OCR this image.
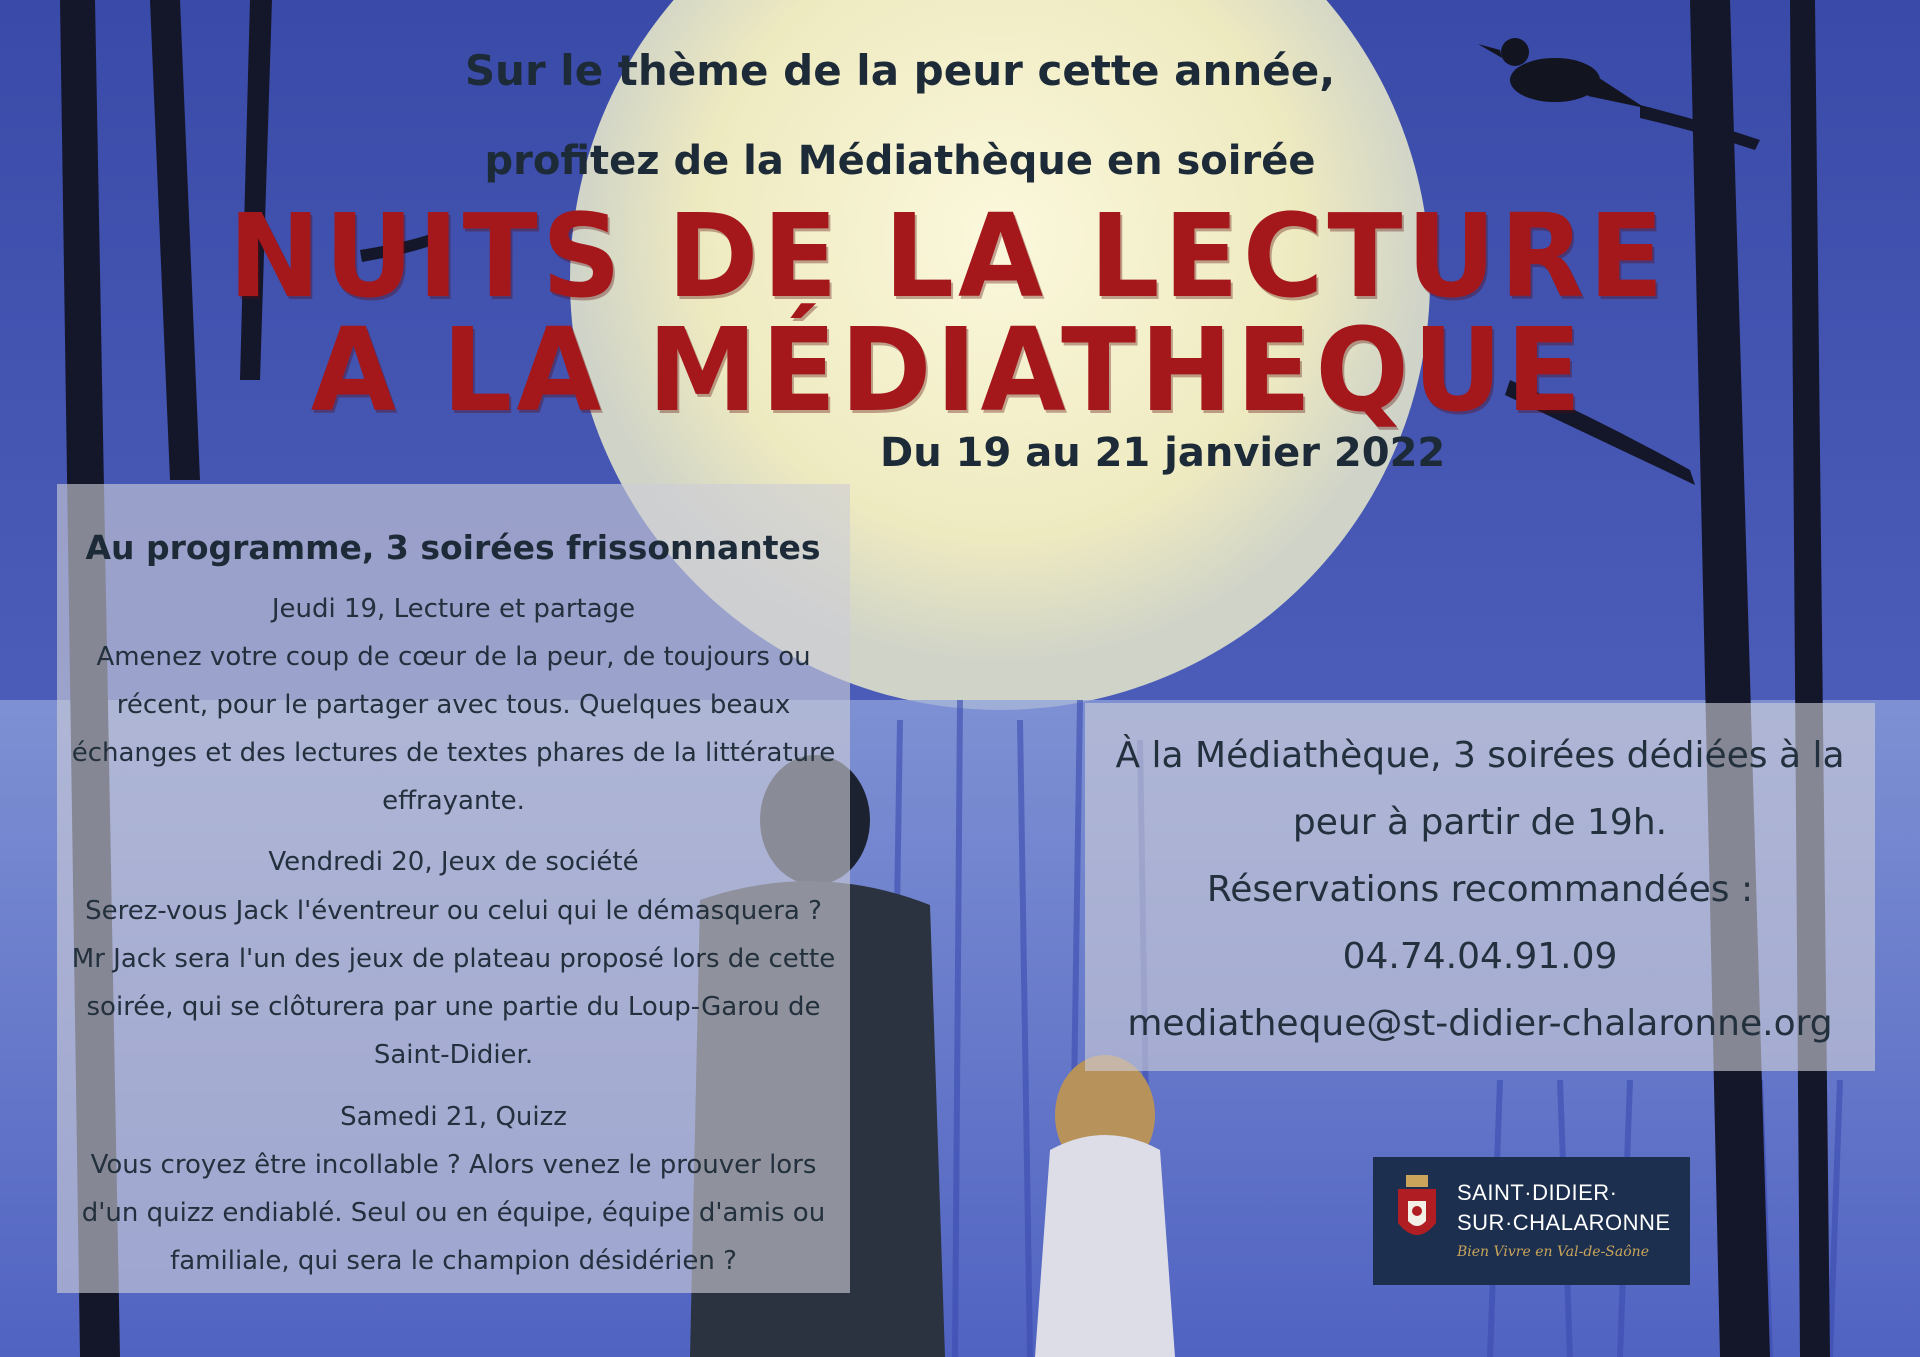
Sur le thème de la peur cette année,
profitez de la Médiathèque en soirée
NUITS DE LA LECTURE
A LA MÉDIATHEQUE
Du 19 au 21 janvier 2022
Au programme, 3 soirées frissonnantes
Jeudi 19, Lecture et partage
Amenez votre coup de cœur de la peur, de toujours ou
récent, pour le partager avec tous. Quelques beaux
échanges et des lectures de textes phares de la littérature
effrayante.
Vendredi 20, Jeux de société
Serez-vous Jack l'éventreur ou celui qui le démasquera ?
Mr Jack sera l'un des jeux de plateau proposé lors de cette
soirée, qui se clôturera par une partie du Loup-Garou de
Saint-Didier.
Samedi 21, Quizz
Vous croyez être incollable ? Alors venez le prouver lors
d'un quizz endiablé. Seul ou en équipe, équipe d'amis ou
familiale, qui sera le champion désidérien ?
À la Médiathèque, 3 soirées dédiées à la
peur à partir de 19h.
Réservations recommandées :
04.74.04.91.09
mediatheque@st-didier-chalaronne.org
SAINT·DIDIER·
SUR·CHALARONNE
Bien Vivre en Val-de-Saône
